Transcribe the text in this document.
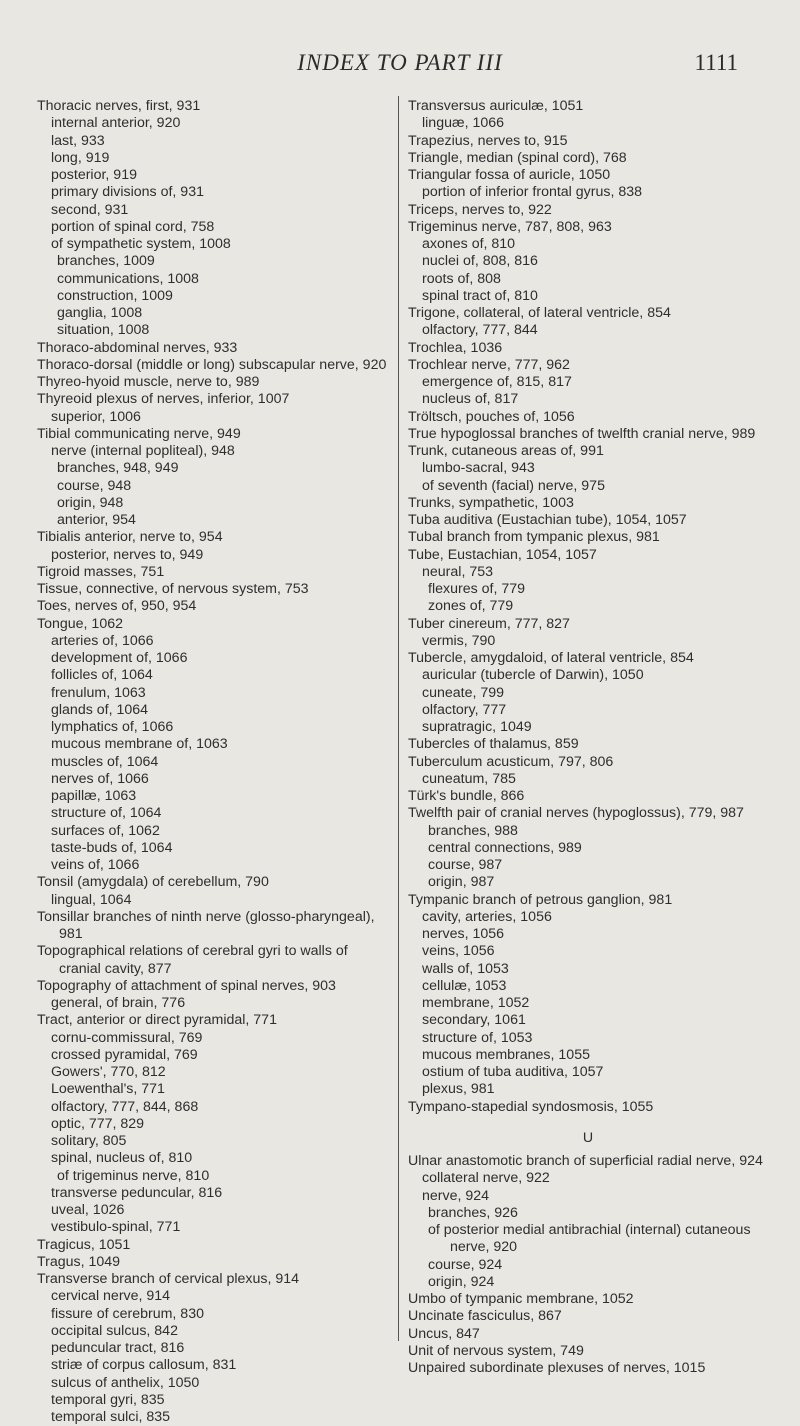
INDEX TO PART III	1111

Thoracic nerves, first, 931

internal anterior, 920

last, 933

long, 919

posterior, 919

primary divisions of, 931

second, 931

portion of spinal cord, 758

of sympathetic system, 1008

branches, 1009

communications, 1008

construction, 1009

ganglia, 1008

situation, 1008

Thoraco-abdominal nerves, 933

Thoraco-dorsal (middle or long) subscapular nerve, 920

Thyreo-hyoid muscle, nerve to, 989

Thyreoid plexus of nerves, inferior, 1007

superior, 1006

Tibial communicating nerve, 949

nerve (internal popliteal), 948

branches, 948, 949

course, 948

origin, 948

anterior, 954

Tibialis anterior, nerve to, 954

posterior, nerves to, 949

Tigroid masses, 751

Tissue, connective, of nervous system, 753

Toes, nerves of, 950, 954

Tongue, 1062

arteries of, 1066

development of, 1066

follicles of, 1064

frenulum, 1063

glands of, 1064

lymphatics of, 1066

mucous membrane of, 1063

muscles of, 1064

nerves of, 1066

papillæ, 1063

structure of, 1064

surfaces of, 1062

taste-buds of, 1064

veins of, 1066

Tonsil (amygdala) of cerebellum, 790

lingual, 1064

Tonsillar branches of ninth nerve (glosso-pharyngeal), 981

Topographical relations of cerebral gyri to walls of cranial cavity, 877

Topography of attachment of spinal nerves, 903

general, of brain, 776

Tract, anterior or direct pyramidal, 771

cornu-commissural, 769

crossed pyramidal, 769

Gowers', 770, 812

Loewenthal's, 771

olfactory, 777, 844, 868

optic, 777, 829

solitary, 805

spinal, nucleus of, 810

of trigeminus nerve, 810

transverse peduncular, 816

uveal, 1026

vestibulo-spinal, 771

Tragicus, 1051

Tragus, 1049

Transverse branch of cervical plexus, 914

cervical nerve, 914

fissure of cerebrum, 830

occipital sulcus, 842

peduncular tract, 816

striæ of corpus callosum, 831

sulcus of anthelix, 1050

temporal gyri, 835

temporal sulci, 835

Transversus auriculæ, 1051

linguæ, 1066

Trapezius, nerves to, 915

Triangle, median (spinal cord), 768

Triangular fossa of auricle, 1050

portion of inferior frontal gyrus, 838

Triceps, nerves to, 922

Trigeminus nerve, 787, 808, 963

axones of, 810

nuclei of, 808, 816

roots of, 808

spinal tract of, 810

Trigone, collateral, of lateral ventricle, 854

olfactory, 777, 844

Trochlea, 1036

Trochlear nerve, 777, 962

emergence of, 815, 817

nucleus of, 817

Tröltsch, pouches of, 1056

True hypoglossal branches of twelfth cranial nerve, 989

Trunk, cutaneous areas of, 991

lumbo-sacral, 943

of seventh (facial) nerve, 975

Trunks, sympathetic, 1003

Tuba auditiva (Eustachian tube), 1054, 1057

Tubal branch from tympanic plexus, 981

Tube, Eustachian, 1054, 1057

neural, 753

flexures of, 779

zones of, 779

Tuber cinereum, 777, 827

vermis, 790

Tubercle, amygdaloid, of lateral ventricle, 854

auricular (tubercle of Darwin), 1050

cuneate, 799

olfactory, 777

supratragic, 1049

Tubercles of thalamus, 859

Tuberculum acusticum, 797, 806

cuneatum, 785

Türk's bundle, 866

Twelfth pair of cranial nerves (hypoglossus), 779, 987

branches, 988

central connections, 989

course, 987

origin, 987

Tympanic branch of petrous ganglion, 981

cavity, arteries, 1056

nerves, 1056

veins, 1056

walls of, 1053

cellulæ, 1053

membrane, 1052

secondary, 1061

structure of, 1053

mucous membranes, 1055

ostium of tuba auditiva, 1057

plexus, 981

Tympano-stapedial syndosmosis, 1055

U

Ulnar anastomotic branch of superficial radial nerve, 924

collateral nerve, 922

nerve, 924

branches, 926

of posterior medial antibrachial (internal) cutaneous nerve, 920

course, 924

origin, 924

Umbo of tympanic membrane, 1052

Uncinate fasciculus, 867

Uncus, 847

Unit of nervous system, 749

Unpaired subordinate plexuses of nerves, 1015
